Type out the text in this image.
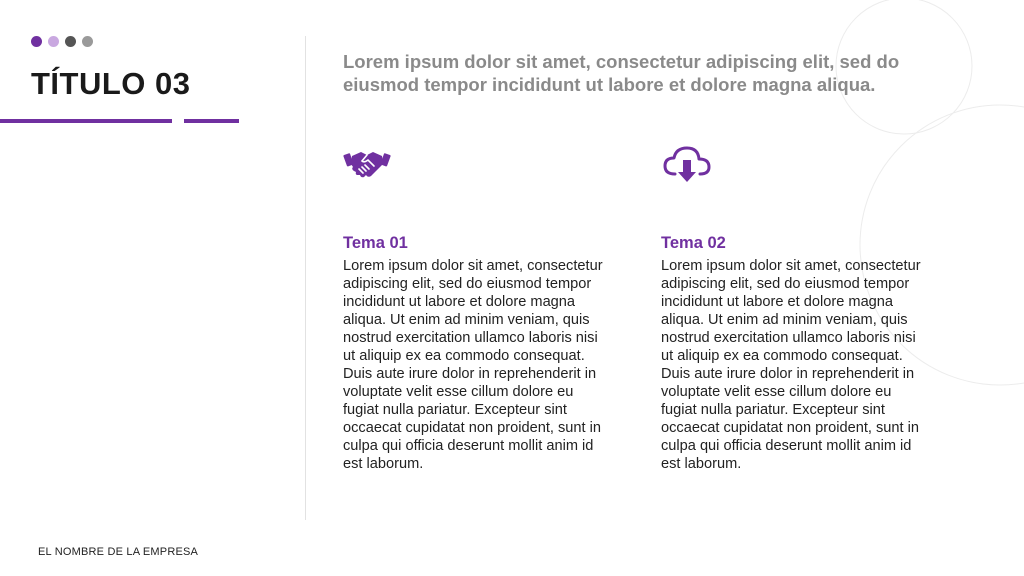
TÍTULO 03

Lorem ipsum dolor sit amet, consectetur adipiscing elit, sed do eiusmod tempor incididunt ut labore et dolore magna aliqua.

Tema 01

Lorem ipsum dolor sit amet, consectetur adipiscing elit, sed do eiusmod tempor incididunt ut labore et dolore magna aliqua. Ut enim ad minim veniam, quis nostrud exercitation ullamco laboris nisi ut aliquip ex ea commodo consequat. Duis aute irure dolor in reprehenderit in voluptate velit esse cillum dolore eu fugiat nulla pariatur. Excepteur sint occaecat cupidatat non proident, sunt in culpa qui officia deserunt mollit anim id est laborum.

Tema 02

Lorem ipsum dolor sit amet, consectetur adipiscing elit, sed do eiusmod tempor incididunt ut labore et dolore magna aliqua. Ut enim ad minim veniam, quis nostrud exercitation ullamco laboris nisi ut aliquip ex ea commodo consequat. Duis aute irure dolor in reprehenderit in voluptate velit esse cillum dolore eu fugiat nulla pariatur. Excepteur sint occaecat cupidatat non proident, sunt in culpa qui officia deserunt mollit anim id est laborum.

EL NOMBRE DE LA EMPRESA
